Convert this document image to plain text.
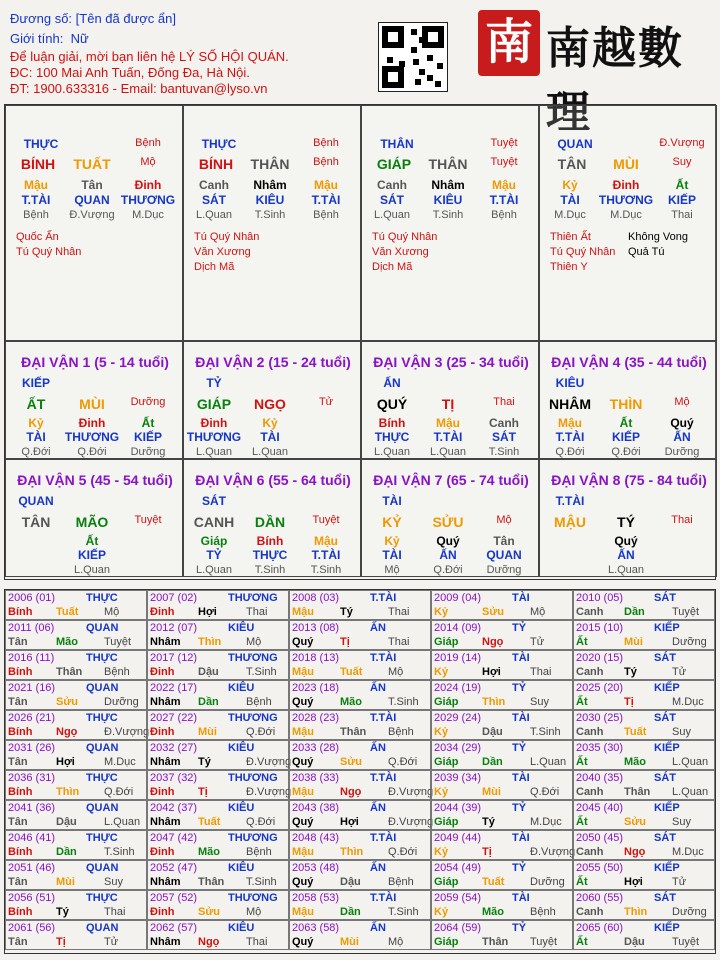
Đương số: [Tên đã được ẩn]
Giới tính: Nữ
Để luận giải, mời bạn liên hệ LÝ SỐ HỘI QUÁN.
ĐC: 100 Mai Anh Tuấn, Đống Đa, Hà Nội.
ĐT: 1900.633316 - Email: bantuvan@lyso.vn
南 南越數理
THỰC	Bệnh
BÍNH	TUẤT	Mộ
Mậu
T.TÀI
Bệnh
Tân
QUAN
Đ.Vượng
Đinh
THƯƠNG
M.Dục
Quốc Ấn
Tú Quý Nhân
THỰC	Bệnh
BÍNH	THÂN	Bệnh
Canh
SÁT
L.Quan
Nhâm
KIÊU
T.Sinh
Mậu
T.TÀI
Bệnh
Tú Quý Nhân
Văn Xương
Dịch Mã
THÂN	Tuyệt
GIÁP	THÂN	Tuyệt
Canh
SÁT
L.Quan
Nhâm
KIÊU
T.Sinh
Mậu
T.TÀI
Bệnh
Tú Quý Nhân
Văn Xương
Dịch Mã
QUAN	Đ.Vượng
TÂN	MÙI	Suy
Kỷ
TÀI
M.Dục
Đinh
THƯƠNG
M.Dục
Ất
KIẾP
Thai
Thiên Ất
Tú Quý Nhân
Thiên Y
Không Vong
Quả Tú
ĐẠI VẬN 1 (5 - 14 tuổi)
KIẾP
ẤT	MÙI	Dưỡng
Kỷ
TÀI
Q.Đới
Đinh
THƯƠNG
Q.Đới
Ất
KIẾP
Dưỡng
ĐẠI VẬN 2 (15 - 24 tuổi)
TỶ
GIÁP	NGỌ	Tử
Đinh
THƯƠNG
L.Quan
Kỷ
TÀI
L.Quan
ĐẠI VẬN 3 (25 - 34 tuổi)
ẤN
QUÝ	TỊ	Thai
Bính
THỰC
L.Quan
Mậu
T.TÀI
L.Quan
Canh
SÁT
T.Sinh
ĐẠI VẬN 4 (35 - 44 tuổi)
KIÊU
NHÂM	THÌN	Mộ
Mậu
T.TÀI
Q.Đới
Ất
KIẾP
Q.Đới
Quý
ẤN
Dưỡng
ĐẠI VẬN 5 (45 - 54 tuổi)
QUAN
TÂN	MÃO	Tuyệt
Ất
KIẾP
L.Quan
ĐẠI VẬN 6 (55 - 64 tuổi)
SÁT
CANH	DẦN	Tuyệt
Giáp
TỶ
L.Quan
Bính
THỰC
T.Sinh
Mậu
T.TÀI
T.Sinh
ĐẠI VẬN 7 (65 - 74 tuổi)
TÀI
KỶ	SỬU	Mộ
Kỷ
TÀI
Mộ
Quý
ẤN
Q.Đới
Tân
QUAN
Dưỡng
ĐẠI VẬN 8 (75 - 84 tuổi)
T.TÀI
MẬU	TÝ	Thai
Quý
ẤN
L.Quan
2006 (01)	THỰC
Bính Tuất Mộ
2007 (02)	THƯƠNG
Đinh Hợi	Thai
2008 (03)	T.TÀI
Mậu Tý	Thai
2009 (04)	TÀI
Kỷ	Sửu Mộ
2010 (05)	SÁT
Canh Dần Tuyệt
2011 (06)	QUAN
Tân	Mão Tuyệt
2012 (07)	KIÊU
Nhâm Thìn Mộ
2013 (08)	ẤN
Quý Tị	Thai
2014 (09)	TỶ
Giáp Ngọ Tử
2015 (10)	KIẾP
Ất	Mùi	Dưỡng
2016 (11)	THỰC
Bính Thân Bệnh
2017 (12)	THƯƠNG
Đinh Dậu T.Sinh
2018 (13)	T.TÀI
Mậu Tuất Mộ
2019 (14)	TÀI
Kỷ	Hợi	Thai
2020 (15)	SÁT
Canh Tý	Tử
2021 (16)	QUAN
Tân	Sửu Dưỡng
2022 (17)	KIÊU
Nhâm Dần Bệnh
2023 (18)	ẤN
Quý Mão T.Sinh
2024 (19)	TỶ
Giáp Thìn Suy
2025 (20)	KIẾP
Ất	Tị	M.Dục
2026 (21)	THỰC
Bính Ngọ Đ.Vượng
2027 (22)	THƯƠNG
Đinh Mùi	Q.Đới
2028 (23)	T.TÀI
Mậu Thân Bệnh
2029 (24)	TÀI
Kỷ	Dậu T.Sinh
2030 (25)	SÁT
Canh Tuất Suy
2031 (26)	QUAN
Tân	Hợi	M.Dục
2032 (27)	KIÊU
Nhâm Tý	Đ.Vượng
2033 (28)	ẤN
Quý Sửu Q.Đới
2034 (29)	TỶ
Giáp Dần L.Quan
2035 (30)	KIẾP
Ất	Mão L.Quan
2036 (31)	THỰC
Bính Thìn Q.Đới
2037 (32)	THƯƠNG
Đinh Tị	Đ.Vượng
2038 (33)	T.TÀI
Mậu Ngọ Đ.Vượng
2039 (34)	TÀI
Kỷ	Mùi	Q.Đới
2040 (35)	SÁT
Canh Thân L.Quan
2041 (36)	QUAN
Tân	Dậu L.Quan
2042 (37)	KIÊU
Nhâm Tuất Q.Đới
2043 (38)	ẤN
Quý Hợi	Đ.Vượng
2044 (39)	TỶ
Giáp Tý	M.Dục
2045 (40)	KIẾP
Ất	Sửu Suy
2046 (41)	THỰC
Bính Dần T.Sinh
2047 (42)	THƯƠNG
Đinh Mão Bệnh
2048 (43)	T.TÀI
Mậu Thìn Q.Đới
2049 (44)	TÀI
Kỷ	Tị	Đ.Vượng
2050 (45)	SÁT
Canh Ngọ M.Dục
2051 (46)	QUAN
Tân	Mùi	Suy
2052 (47)	KIÊU
Nhâm Thân T.Sinh
2053 (48)	ẤN
Quý Dậu Bệnh
2054 (49)	TỶ
Giáp Tuất Dưỡng
2055 (50)	KIẾP
Ất	Hợi	Tử
2056 (51)	THỰC
Bính Tý	Thai
2057 (52)	THƯƠNG
Đinh Sửu Mộ
2058 (53)	T.TÀI
Mậu Dần T.Sinh
2059 (54)	TÀI
Kỷ	Mão Bệnh
2060 (55)	SÁT
Canh Thìn Dưỡng
2061 (56)	QUAN
Tân	Tị	Tử
2062 (57)	KIÊU
Nhâm Ngọ Thai
2063 (58)	ẤN
Quý Mùi	Mộ
2064 (59)	TỶ
Giáp Thân Tuyệt
2065 (60)	KIẾP
Ất	Dậu Tuyệt
